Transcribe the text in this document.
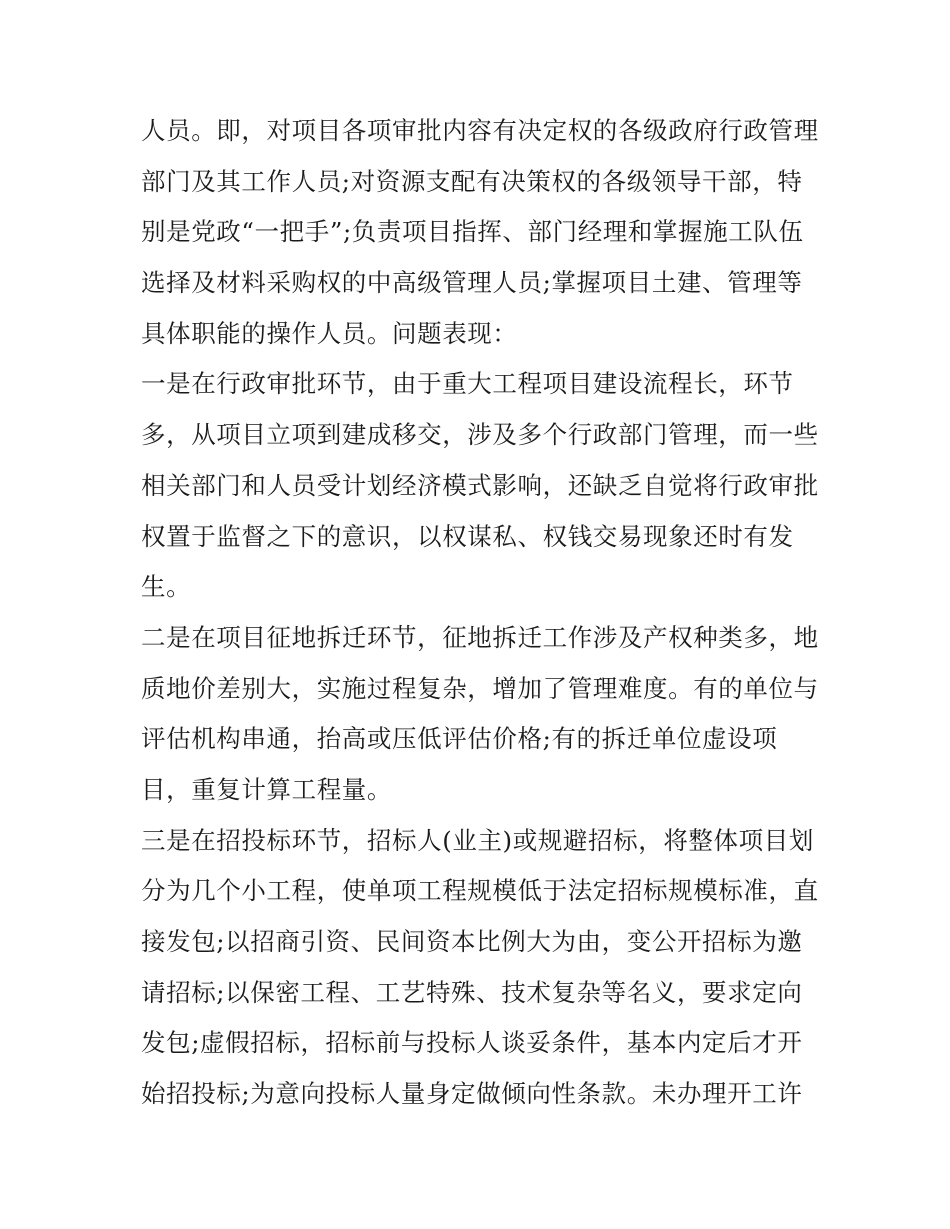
人员。即，对项目各项审批内容有决定权的各级政府行政管理
部门及其工作人员;对资源支配有决策权的各级领导干部，特
别是党政“一把手”;负责项目指挥、部门经理和掌握施工队伍
选择及材料采购权的中高级管理人员;掌握项目土建、管理等
具体职能的操作人员。问题表现：
一是在行政审批环节，由于重大工程项目建设流程长，环节
多，从项目立项到建成移交，涉及多个行政部门管理，而一些
相关部门和人员受计划经济模式影响，还缺乏自觉将行政审批
权置于监督之下的意识，以权谋私、权钱交易现象还时有发
生。
二是在项目征地拆迁环节，征地拆迁工作涉及产权种类多，地
质地价差别大，实施过程复杂，增加了管理难度。有的单位与
评估机构串通，抬高或压低评估价格;有的拆迁单位虚设项
目，重复计算工程量。
三是在招投标环节，招标人(业主)或规避招标，将整体项目划
分为几个小工程，使单项工程规模低于法定招标规模标准，直
接发包;以招商引资、民间资本比例大为由，变公开招标为邀
请招标;以保密工程、工艺特殊、技术复杂等名义，要求定向
发包;虚假招标，招标前与投标人谈妥条件，基本内定后才开
始招投标;为意向投标人量身定做倾向性条款。未办理开工许
